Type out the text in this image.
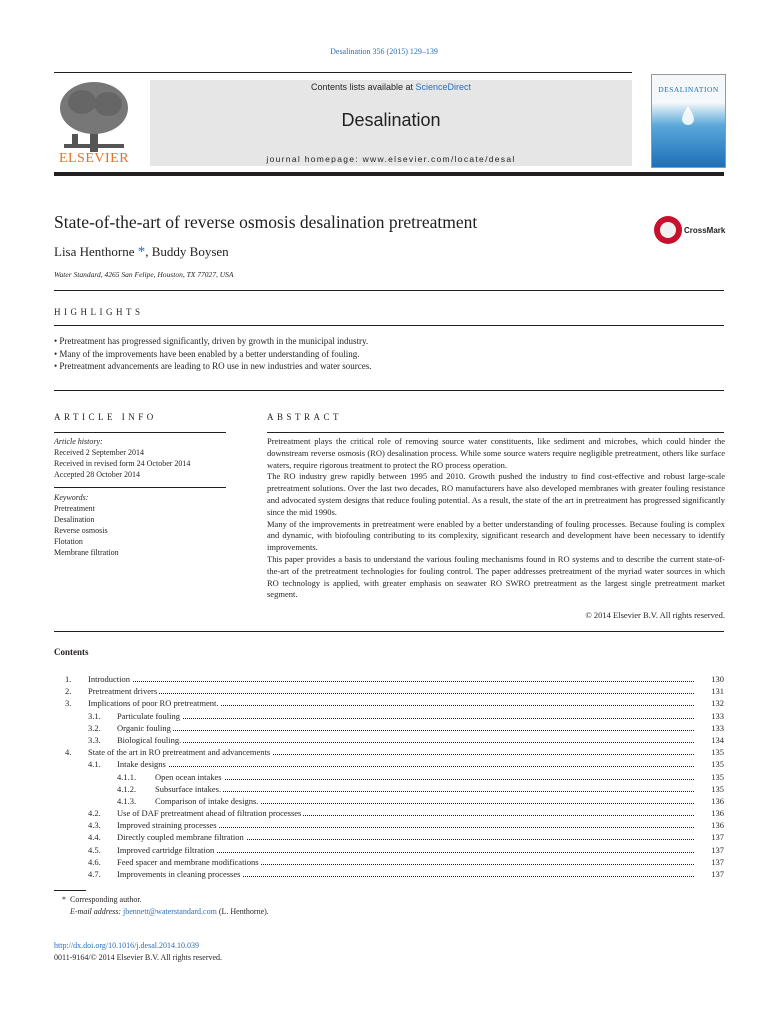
Desalination 356 (2015) 129–139
ELSEVIER
Contents lists available at ScienceDirect
Desalination
journal homepage: www.elsevier.com/locate/desal
DESALINATION
State-of-the-art of reverse osmosis desalination pretreatment	CrossMark
Lisa Henthorne *, Buddy Boysen
Water Standard, 4265 San Felipe, Houston, TX 77027, USA
HIGHLIGHTS
• Pretreatment has progressed significantly, driven by growth in the municipal industry.
• Many of the improvements have been enabled by a better understanding of fouling.
• Pretreatment advancements are leading to RO use in new industries and water sources.
ARTICLE INFO
Article history:
Received 2 September 2014
Received in revised form 24 October 2014
Accepted 28 October 2014
Keywords:
Pretreatment
Desalination
Reverse osmosis
Flotation
Membrane filtration
ABSTRACT

Pretreatment plays the critical role of removing source water constituents, like sediment and microbes, which could hinder the downstream reverse osmosis (RO) desalination process. While some source waters require negligible pretreatment, others like surface waters, require rigorous treatment to protect the RO process operation.

The RO industry grew rapidly between 1995 and 2010. Growth pushed the industry to find cost-effective and robust large-scale pretreatment solutions. Over the last two decades, RO manufacturers have also developed membranes with greater fouling resistance and advocated system designs that reduce fouling potential. As a result, the state of the art in pretreatment has progressed significantly since the mid 1990s.

Many of the improvements in pretreatment were enabled by a better understanding of fouling processes. Because fouling is complex and dynamic, with biofouling contributing to its complexity, significant research and development have been necessary to identify improvements.

This paper provides a basis to understand the various fouling mechanisms found in RO systems and to describe the current state-of-the-art of the pretreatment technologies for fouling control. The paper addresses pretreatment of the myriad water sources in which RO technology is applied, with greater emphasis on seawater RO SWRO pretreatment as the largest single pretreatment market segment.

© 2014 Elsevier B.V. All rights reserved.
Contents
1. Introduction	130
2. Pretreatment drivers	131
3. Implications of poor RO pretreatment.	132
3.1. Particulate fouling	133
3.2. Organic fouling	133
3.3. Biological fouling.	134
4. State of the art in RO pretreatment and advancements	135
4.1. Intake designs	135
4.1.1. Open ocean intakes	135
4.1.2. Subsurface intakes.	135
4.1.3. Comparison of intake designs.	136
4.2. Use of DAF pretreatment ahead of filtration processes	136
4.3. Improved straining processes	136
4.4. Directly coupled membrane filtration	137
4.5. Improved cartridge filtration	137
4.6. Feed spacer and membrane modifications	137
4.7. Improvements in cleaning processes	137
* Corresponding author.
E-mail address: jbennett@waterstandard.com (L. Henthorne).
http://dx.doi.org/10.1016/j.desal.2014.10.039
0011-9164/© 2014 Elsevier B.V. All rights reserved.
